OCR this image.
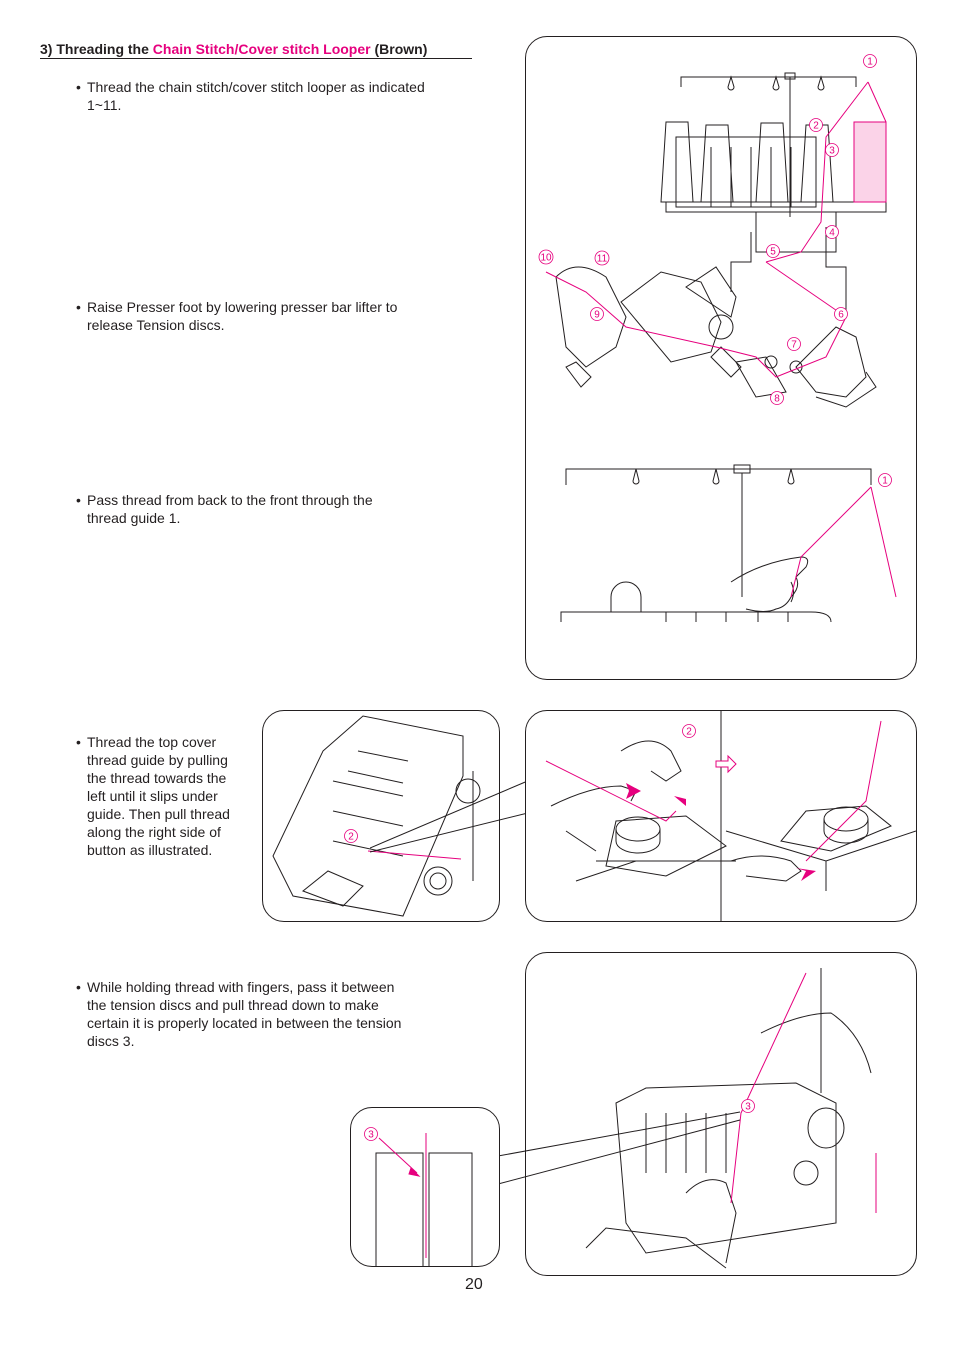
3) Threading the Chain Stitch/Cover stitch Looper (Brown)
• Thread the chain stitch/cover stitch looper as indicated
1~11.
• Raise Presser foot by lowering presser bar lifter to
release Tension discs.
• Pass thread from back to the front through the
thread guide 1.
• Thread the top cover
thread guide by pulling
the thread towards the
left until it slips under
guide. Then pull thread
along the right side of
button as illustrated.
• While holding thread with fingers, pass it between
the tension discs and pull thread down to make
certain it is properly located in between the tension
discs 3.
1
2
3
4
5
6
7
8
9
10	11
1
2
2
3
3
20
